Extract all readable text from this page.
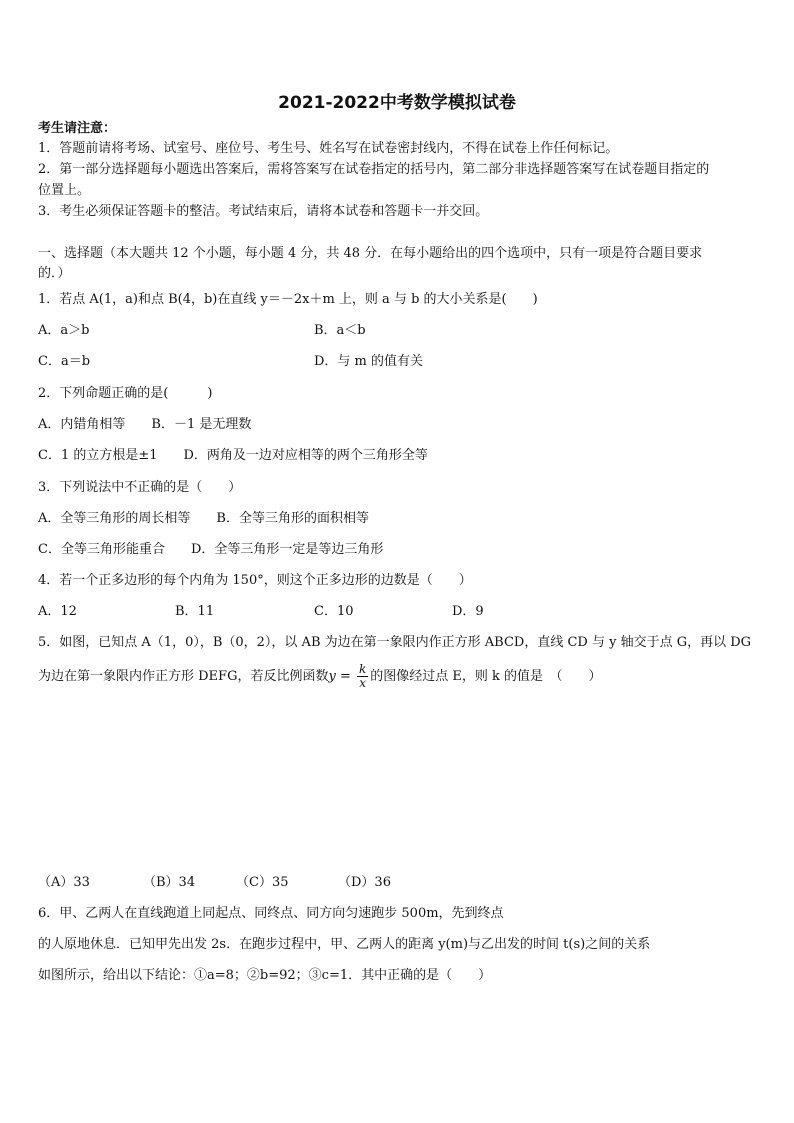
2021-2022中考数学模拟试卷
考生请注意：
1．答题前请将考场、试室号、座位号、考生号、姓名写在试卷密封线内，不得在试卷上作任何标记。
2．第一部分选择题每小题选出答案后，需将答案写在试卷指定的括号内，第二部分非选择题答案写在试卷题目指定的
位置上。
3．考生必须保证答题卡的整洁。考试结束后，请将本试卷和答题卡一并交回。
一、选择题（本大题共 12 个小题，每小题 4 分，共 48 分．在每小题给出的四个选项中，只有一项是符合题目要求
的．）
1．若点 A(1，a)和点 B(4，b)在直线 y＝－2x＋m 上，则 a 与 b 的大小关系是(　　)
A．a＞b	B．a＜b
C．a＝b	D．与 m 的值有关
2．下列命题正确的是(　　　)
A．内错角相等　　B．－1 是无理数
C．1 的立方根是±1　　D．两角及一边对应相等的两个三角形全等
3．下列说法中不正确的是（　　）
A．全等三角形的周长相等　　B．全等三角形的面积相等
C．全等三角形能重合　　D．全等三角形一定是等边三角形
4．若一个正多边形的每个内角为 150°，则这个正多边形的边数是（　　）
A．12	B．11	C．10	D．9
5．如图，已知点 A（1，0），B（0，2），以 AB 为边在第一象限内作正方形 ABCD，直线 CD 与 y 轴交于点 G，再以 DG
为边在第一象限内作正方形 DEFG，若反比例函数$y = \frac{k}{x}$ 的图像经过点 E，则 k 的值是　（　　）
（A）33	（B）34	（C）35	（D）36
6．甲、乙两人在直线跑道上同起点、同终点、同方向匀速跑步 500m，先到终点
的人原地休息．已知甲先出发 2s．在跑步过程中，甲、乙两人的距离 y(m)与乙出发的时间 t(s)之间的关系
如图所示，给出以下结论：①a=8；②b=92；③c=1．其中正确的是（　　）
